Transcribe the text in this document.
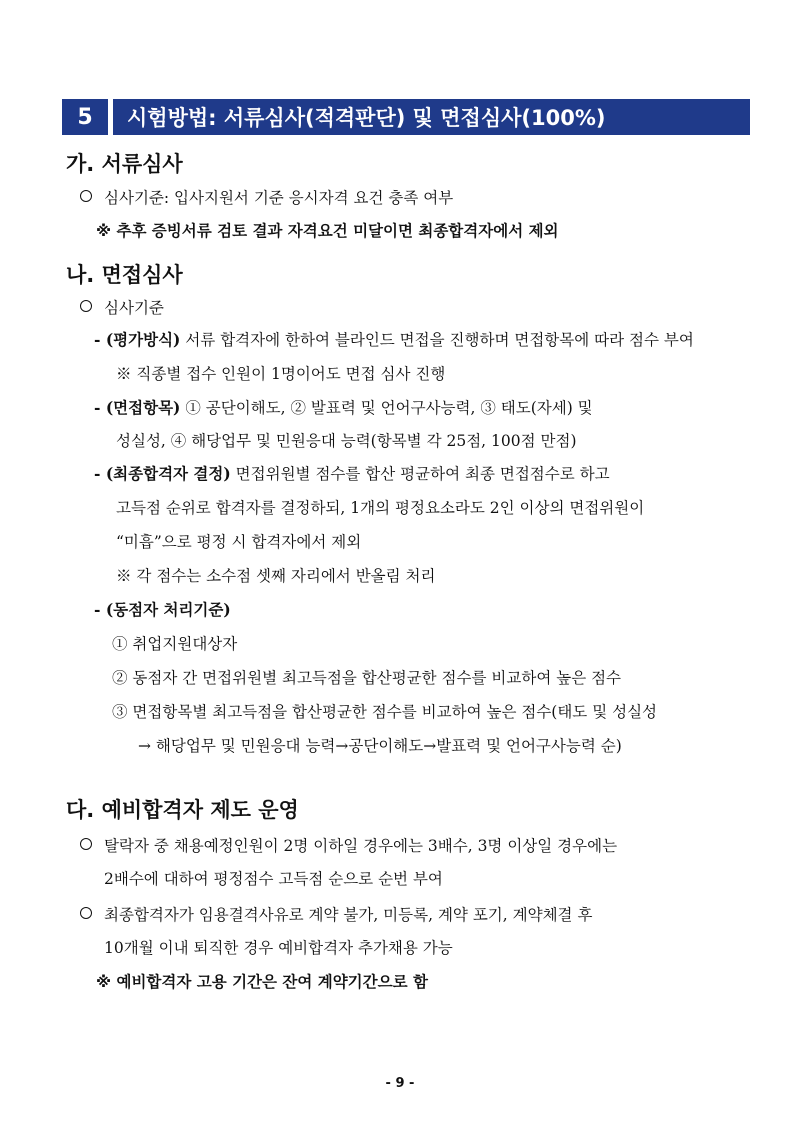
5	시험방법: 서류심사(적격판단) 및 면접심사(100%)
가. 서류심사
심사기준: 입사지원서 기준 응시자격 요건 충족 여부
※ 추후 증빙서류 검토 결과 자격요건 미달이면 최종합격자에서 제외
나. 면접심사
심사기준
- (평가방식) 서류 합격자에 한하여 블라인드 면접을 진행하며 면접항목에 따라 점수 부여
※ 직종별 접수 인원이 1명이어도 면접 심사 진행
- (면접항목) ① 공단이해도, ② 발표력 및 언어구사능력, ③ 태도(자세) 및
성실성, ④ 해당업무 및 민원응대 능력(항목별 각 25점, 100점 만점)
- (최종합격자 결정) 면접위원별 점수를 합산 평균하여 최종 면접점수로 하고
고득점 순위로 합격자를 결정하되, 1개의 평정요소라도 2인 이상의 면접위원이
“미흡”으로 평정 시 합격자에서 제외
※ 각 점수는 소수점 셋째 자리에서 반올림 처리
- (동점자 처리기준)
① 취업지원대상자
② 동점자 간 면접위원별 최고득점을 합산평균한 점수를 비교하여 높은 점수
③ 면접항목별 최고득점을 합산평균한 점수를 비교하여 높은 점수(태도 및 성실성
→ 해당업무 및 민원응대 능력→공단이해도→발표력 및 언어구사능력 순)
다. 예비합격자 제도 운영
탈락자 중 채용예정인원이 2명 이하일 경우에는 3배수, 3명 이상일 경우에는
2배수에 대하여 평정점수 고득점 순으로 순번 부여
최종합격자가 임용결격사유로 계약 불가, 미등록, 계약 포기, 계약체결 후
10개월 이내 퇴직한 경우 예비합격자 추가채용 가능
※ 예비합격자 고용 기간은 잔여 계약기간으로 함
- 9 -
